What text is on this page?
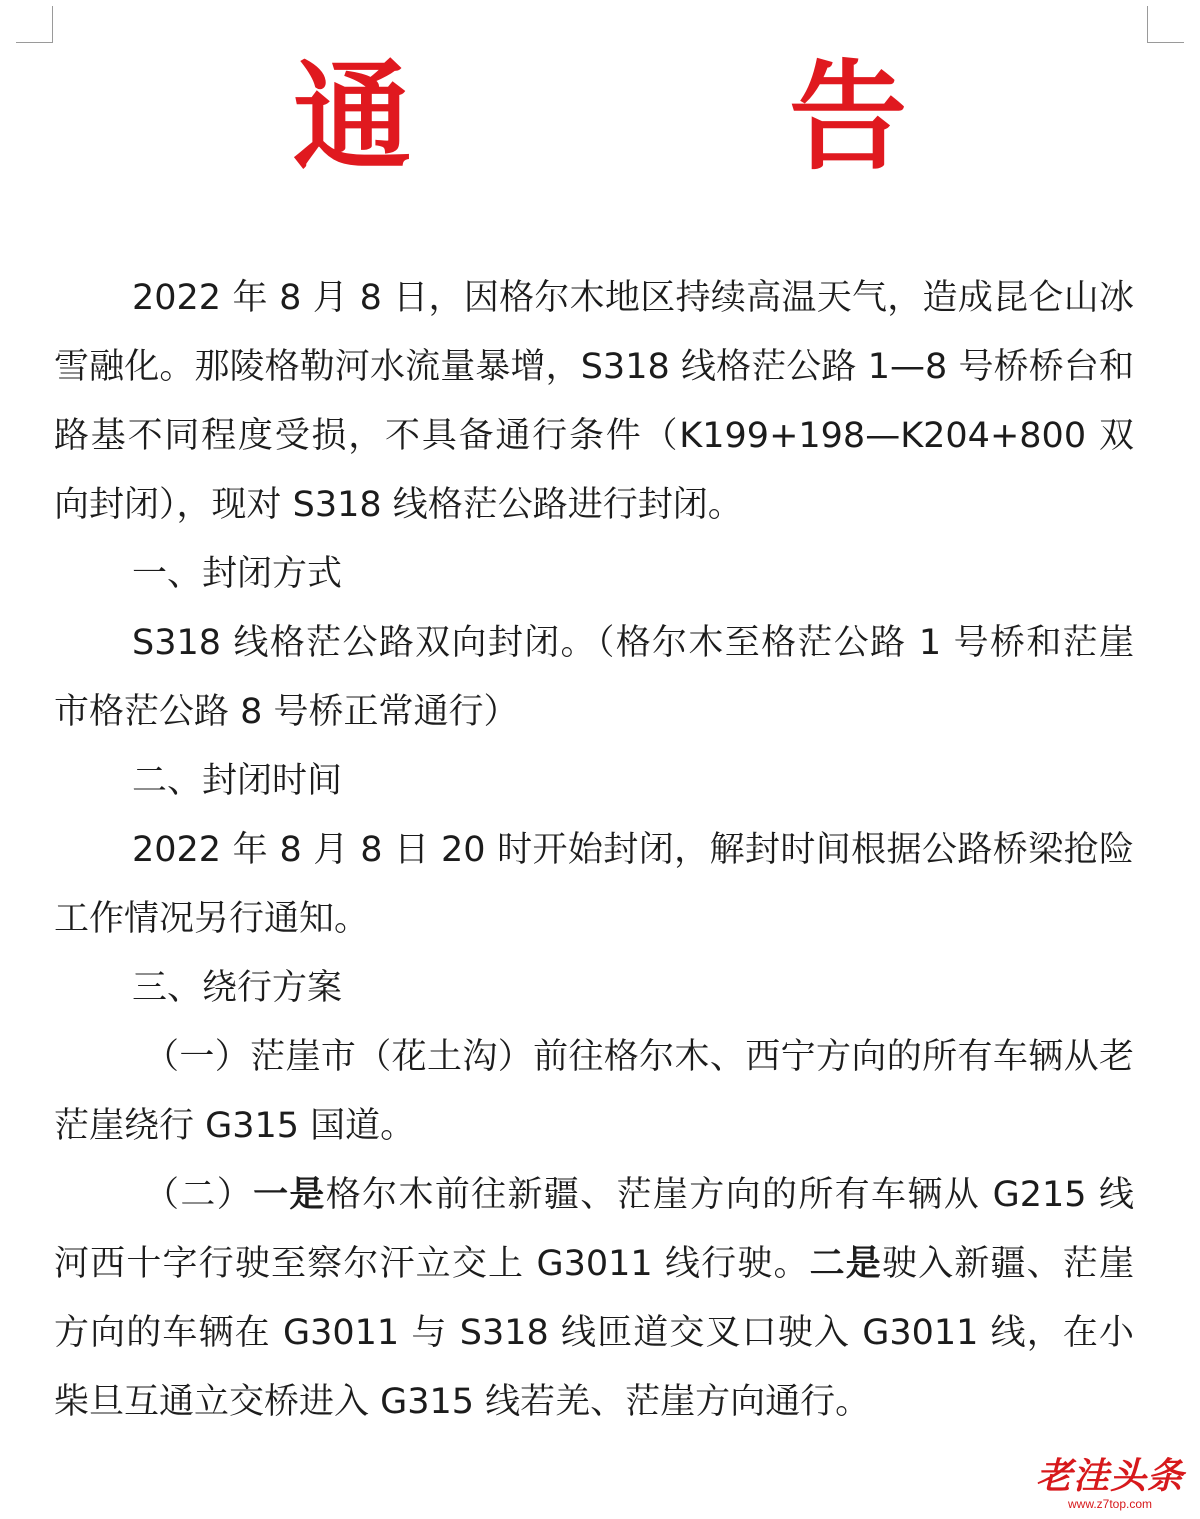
通　告

2022 年 8 月 8 日，因格尔木地区持续高温天气，造成昆仑山冰雪融化。那陵格勒河水流量暴增，S318 线格茫公路 1—8 号桥桥台和路基不同程度受损，不具备通行条件（K199+198—K204+800 双向封闭），现对 S318 线格茫公路进行封闭。

一、封闭方式

S318 线格茫公路双向封闭。（格尔木至格茫公路 1 号桥和茫崖市格茫公路 8 号桥正常通行）

二、封闭时间

2022 年 8 月 8 日 20 时开始封闭，解封时间根据公路桥梁抢险工作情况另行通知。

三、绕行方案

（一）茫崖市（花土沟）前往格尔木、西宁方向的所有车辆从老茫崖绕行 G315 国道。

（二）一是格尔木前往新疆、茫崖方向的所有车辆从 G215 线河西十字行驶至察尔汗立交上 G3011 线行驶。二是驶入新疆、茫崖方向的车辆在 G3011 与 S318 线匝道交叉口驶入 G3011 线，在小柴旦互通立交桥进入 G315 线若羌、茫崖方向通行。

老洼头条
www.z7top.com
